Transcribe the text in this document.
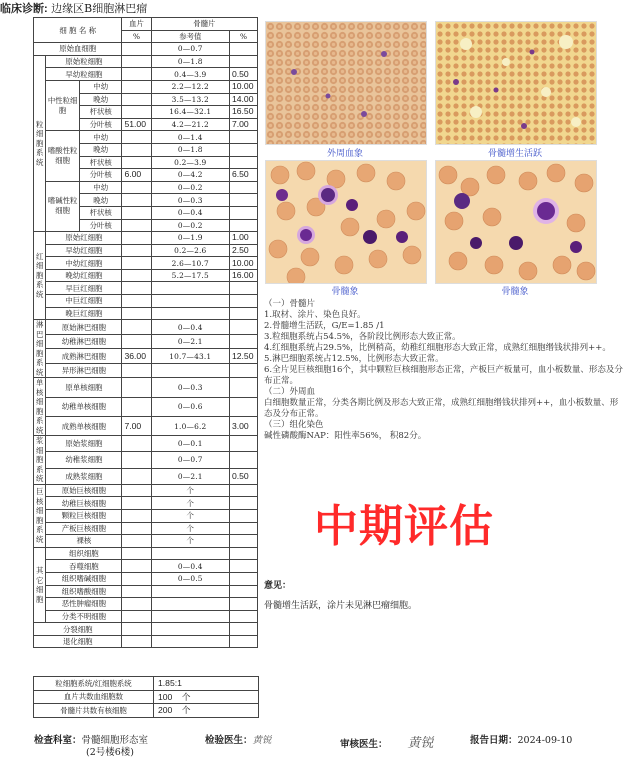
临床诊断: 边缘区B细胞淋巴瘤
细 胞 名 称			血片	骨髓片	
			%	参考值	%
原始血细胞				0—0.7	
粒细胞系统	原始粒细胞			0—1.8	
	早幼粒细胞			0.4—3.9	0.50
	中性粒细胞	中幼		2.2—12.2	10.00
		晚幼		3.5—13.2	14.00
		杆状核		16.4—32.1	16.50
		分叶核	51.00	4.2—21.2	7.00
	嗜酸性粒细胞	中幼		0—1.4	
		晚幼		0—1.8	
		杆状核		0.2—3.9	
		分叶核	6.00	0—4.2	6.50
	嗜碱性粒细胞	中幼		0—0.2	
		晚幼		0—0.3	
		杆状核		0—0.4	
		分叶核		0—0.2	
红细胞系统	原始红细胞			0—1.9	1.00
	早幼红细胞			0.2—2.6	2.50
	中幼红细胞			2.6—10.7	10.00
	晚幼红细胞			5.2—17.5	16.00
	早巨红细胞				
	中巨红细胞				
	晚巨红细胞				
淋巴细胞系统	原始淋巴细胞			0—0.4	
	幼稚淋巴细胞			0—2.1	
	成熟淋巴细胞		36.00	10.7—43.1	12.50
	异形淋巴细胞				
单核细胞系统	原单核细胞			0—0.3	
	幼稚单核细胞			0—0.6	
	成熟单核细胞		7.00	1.0—6.2	3.00
浆细胞系统	原始浆细胞			0—0.1	
	幼稚浆细胞			0—0.7	
	成熟浆细胞			0—2.1	0.50
巨核细胞系统	原始巨核细胞			个	
	幼稚巨核细胞			个	
	颗粒巨核细胞			个	
	产板巨核细胞			个	
	裸核			个	
其它细胞	组织细胞				
	吞噬细胞			0—0.4	
	组织嗜碱细胞			0—0.5	
	组织嗜酸细胞				
	恶性肿瘤细胞				
	分类不明细胞				
分裂细胞					
退化细胞					
粒细胞系统/红细胞系统	1.85:1
血片共数血细胞数	100 个
骨髓片共数有核细胞	200 个
外周血象	骨髓增生活跃
骨髓象	骨髓象

（一）骨髓片

1.取材、涂片、染色良好。

2.骨髓增生活跃，G/E=1.85 /1

3.粒细胞系统占54.5%，各阶段比例形态大致正常。

4.红细胞系统占29.5%，比例稍高，幼稚红细胞形态大致正常，成熟红细胞缗钱状排列++。

5.淋巴细胞系统占12.5%，比例形态大致正常。

6.全片见巨核细胞16个，其中颗粒巨核细胞形态正常，产板巨产板量可，血小板数量、形态及分布正常。

（二）外周血

白细胞数量正常，分类各期比例及形态大致正常，成熟红细胞缗钱状排列++，血小板数量、形态及分布正常。

（三）组化染色

碱性磷酸酶NAP：阳性率56%， 积82分。

中期评估
意见：
骨髓增生活跃，涂片未见淋巴瘤细胞。
检查科室：骨髓细胞形态室
(2号楼6楼)
检验医生：黄锐	审核医生： 黄锐	报告日期：2024-09-10
